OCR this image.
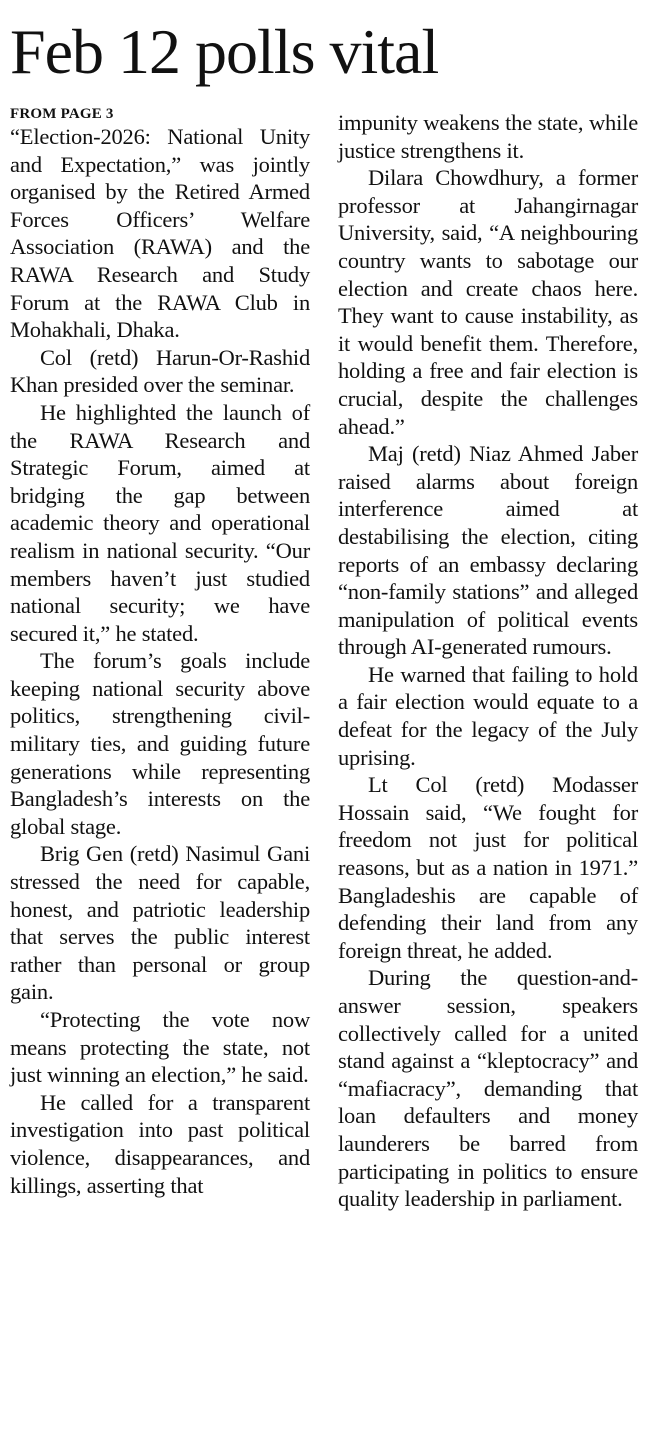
Feb 12 polls vital
FROM PAGE 3

“Election-2026: National Unity and Expectation,” was jointly organised by the Retired Armed Forces Officers’ Welfare Association (RAWA) and the RAWA Research and Study Forum at the RAWA Club in Mohakhali, Dhaka.

Col (retd) Harun-Or-Rashid Khan presided over the seminar.

He highlighted the launch of the RAWA Research and Strategic Forum, aimed at bridging the gap between academic theory and operational realism in national security. “Our members haven’t just studied national security; we have secured it,” he stated.

The forum’s goals include keeping national security above politics, strengthening civil-military ties, and guiding future generations while representing Bangladesh’s interests on the global stage.

Brig Gen (retd) Nasimul Gani stressed the need for capable, honest, and patriotic leadership that serves the public interest rather than personal or group gain.

“Protecting the vote now means protecting the state, not just winning an election,” he said.

He called for a transparent investigation into past political violence, disappearances, and killings, asserting that

impunity weakens the state, while justice strengthens it.

Dilara Chowdhury, a former professor at Jahangirnagar University, said, “A neighbouring country wants to sabotage our election and create chaos here. They want to cause instability, as it would benefit them. Therefore, holding a free and fair election is crucial, despite the challenges ahead.”

Maj (retd) Niaz Ahmed Jaber raised alarms about foreign interference aimed at destabilising the election, citing reports of an embassy declaring “non-family stations” and alleged manipulation of political events through AI-generated rumours.

He warned that failing to hold a fair election would equate to a defeat for the legacy of the July uprising.

Lt Col (retd) Modasser Hossain said, “We fought for freedom not just for political reasons, but as a nation in 1971.” Bangladeshis are capable of defending their land from any foreign threat, he added.

During the question-and-answer session, speakers collectively called for a united stand against a “kleptocracy” and “mafiacracy”, demanding that loan defaulters and money launderers be barred from participating in politics to ensure quality leadership in parliament.
